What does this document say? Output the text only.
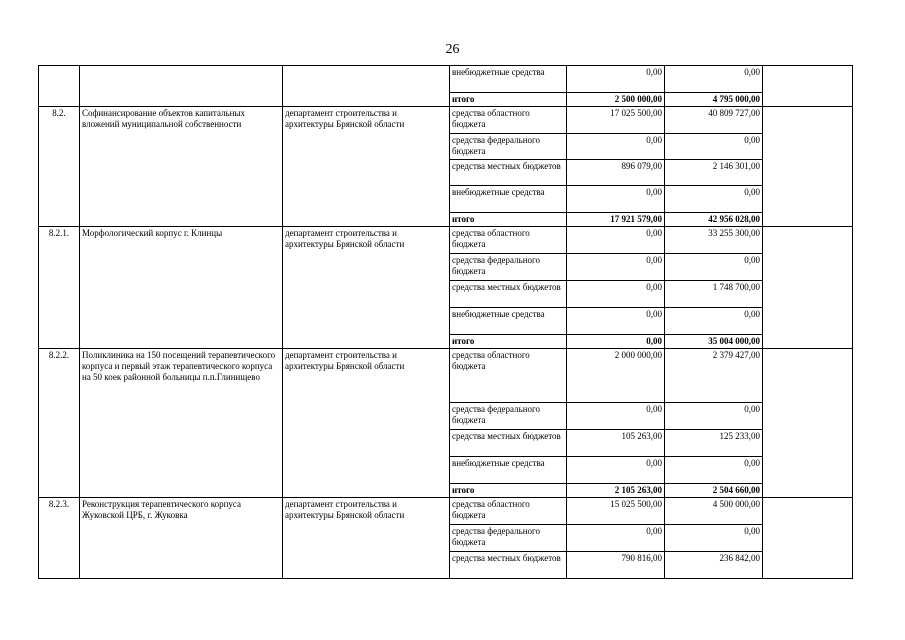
26
			внебюджетные средства	0,00	0,00	
			итого	2 500 000,00	4 795 000,00	
8.2.	Софинансирование объектов капитальных вложений муниципальной собственности	департамент строительства и архитектуры Брянской области	средства областного бюджета	17 025 500,00	40 809 727,00	
			средства федерального бюджета	0,00	0,00	
			средства местных бюджетов	896 079,00	2 146 301,00	
			внебюджетные средства	0,00	0,00	
			итого	17 921 579,00	42 956 028,00	
8.2.1.	Морфологический корпус г. Клинцы	департамент строительства и архитектуры Брянской области	средства областного бюджета	0,00	33 255 300,00	
			средства федерального бюджета	0,00	0,00	
			средства местных бюджетов	0,00	1 748 700,00	
			внебюджетные средства	0,00	0,00	
			итого	0,00	35 004 000,00	
8.2.2.	Поликлиника на 150 посещений терапевтического корпуса и первый этаж терапевтического корпуса на 50 коек районной больницы п.п.Глинищево	департамент строительства и архитектуры Брянской области	средства областного бюджета	2 000 000,00	2 379 427,00	
			средства федерального бюджета	0,00	0,00	
			средства местных бюджетов	105 263,00	125 233,00	
			внебюджетные средства	0,00	0,00	
			итого	2 105 263,00	2 504 660,00	
8.2.3.	Реконструкция терапевтического корпуса Жуковской ЦРБ, г. Жуковка	департамент строительства и архитектуры Брянской области	средства областного бюджета	15 025 500,00	4 500 000,00	
			средства федерального бюджета	0,00	0,00	
			средства местных бюджетов	790 816,00	236 842,00	
